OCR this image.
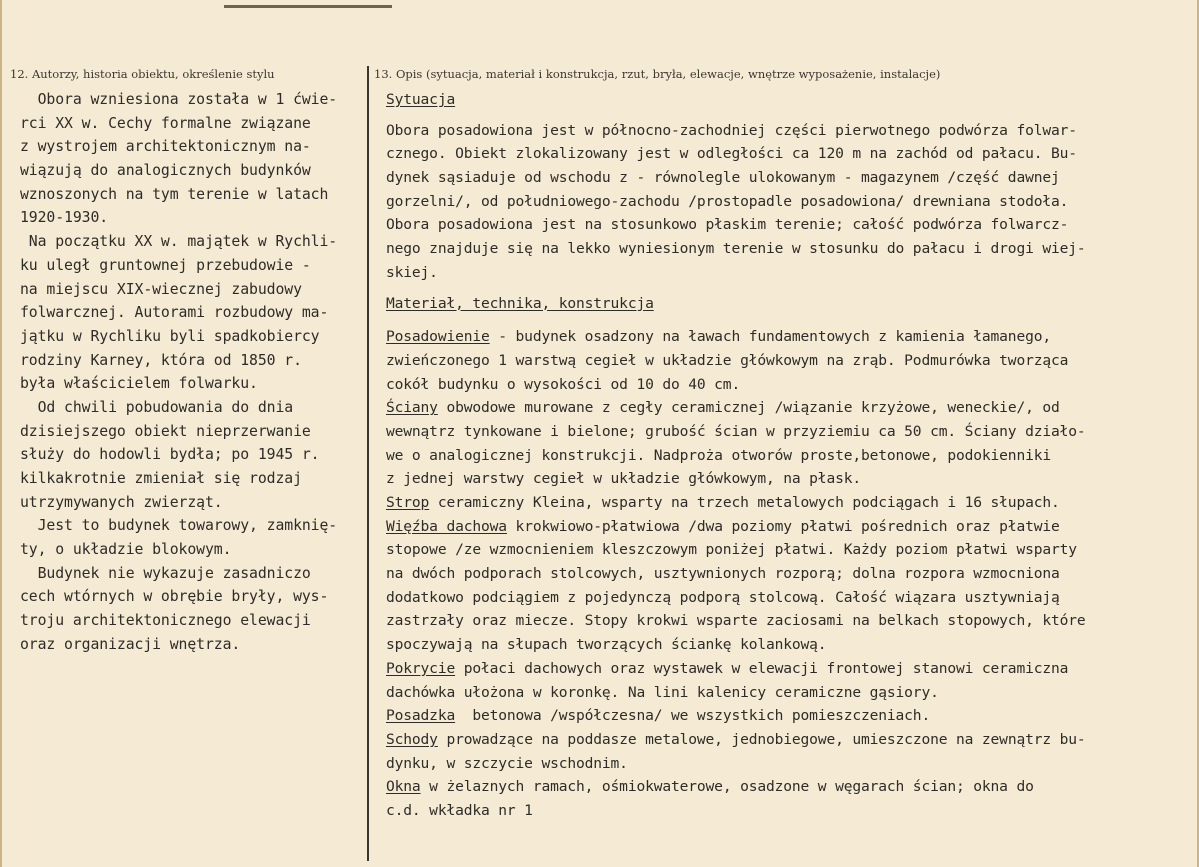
12. Autorzy, historia obiektu, określenie stylu	13. Opis (sytuacja, materiał i konstrukcja, rzut, bryła, elewacje, wnętrze wyposażenie, instalacje)
Obora wzniesiona została w 1 ćwie-
rci XX w. Cechy formalne związane
z wystrojem architektonicznym na-
wiązują do analogicznych budynków
wznoszonych na tym terenie w latach
1920-1930.
Na początku XX w. majątek w Rychli-
ku uległ gruntownej przebudowie -
na miejscu XIX-wiecznej zabudowy
folwarcznej. Autorami rozbudowy ma-
jątku w Rychliku byli spadkobiercy
rodziny Karney, która od 1850 r.
była właścicielem folwarku.
Od chwili pobudowania do dnia
dzisiejszego obiekt nieprzerwanie
służy do hodowli bydła; po 1945 r.
kilkakrotnie zmieniał się rodzaj
utrzymywanych zwierząt.
Jest to budynek towarowy, zamknię-
ty, o układzie blokowym.
Budynek nie wykazuje zasadniczo
cech wtórnych w obrębie bryły, wys-
troju architektonicznego elewacji
oraz organizacji wnętrza.
Sytuacja
Obora posadowiona jest w północno-zachodniej części pierwotnego podwórza folwar-
cznego. Obiekt zlokalizowany jest w odległości ca 120 m na zachód od pałacu. Bu-
dynek sąsiaduje od wschodu z - równolegle ulokowanym - magazynem /część dawnej
gorzelni/, od południowego-zachodu /prostopadle posadowiona/ drewniana stodoła.
Obora posadowiona jest na stosunkowo płaskim terenie; całość podwórza folwarcz-
nego znajduje się na lekko wyniesionym terenie w stosunku do pałacu i drogi wiej-
skiej.
Materiał, technika, konstrukcja
Posadowienie - budynek osadzony na ławach fundamentowych z kamienia łamanego,
zwieńczonego 1 warstwą cegieł w układzie główkowym na zrąb. Podmurówka tworząca
cokół budynku o wysokości od 10 do 40 cm.
Ściany obwodowe murowane z cegły ceramicznej /wiązanie krzyżowe, weneckie/, od
wewnątrz tynkowane i bielone; grubość ścian w przyziemiu ca 50 cm. Ściany działo-
we o analogicznej konstrukcji. Nadproża otworów proste,betonowe, podokienniki
z jednej warstwy cegieł w układzie główkowym, na płask.
Strop ceramiczny Kleina, wsparty na trzech metalowych podciągach i 16 słupach.
Więźba dachowa krokwiowo-płatwiowa /dwa poziomy płatwi pośrednich oraz płatwie
stopowe /ze wzmocnieniem kleszczowym poniżej płatwi. Każdy poziom płatwi wsparty
na dwóch podporach stolcowych, usztywnionych rozporą; dolna rozpora wzmocniona
dodatkowo podciągiem z pojedynczą podporą stolcową. Całość wiązara usztywniają
zastrzały oraz miecze. Stopy krokwi wsparte zaciosami na belkach stopowych, które
spoczywają na słupach tworzących ściankę kolankową.
Pokrycie połaci dachowych oraz wystawek w elewacji frontowej stanowi ceramiczna
dachówka ułożona w koronkę. Na lini kalenicy ceramiczne gąsiory.
Posadzka  betonowa /współczesna/ we wszystkich pomieszczeniach.
Schody prowadzące na poddasze metalowe, jednobiegowe, umieszczone na zewnątrz bu-
dynku, w szczycie wschodnim.
Okna w żelaznych ramach, ośmiokwaterowe, osadzone w węgarach ścian; okna do
c.d. wkładka nr 1
